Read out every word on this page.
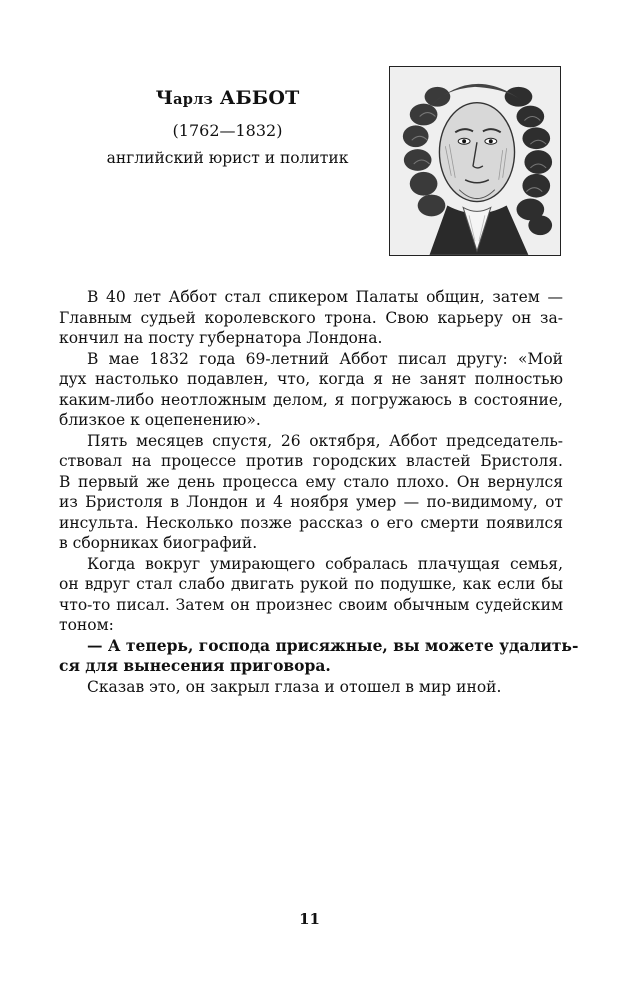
Чарлз АББОТ
(1762—1832)
английский юрист и политик
В 40 лет Аббот стал спикером Палаты общин, затем —
Главным судьей королевского трона. Свою карьеру он за-
кончил на посту губернатора Лондона.
В мае 1832 года 69-летний Аббот писал другу: «Мой
дух настолько подавлен, что, когда я не занят полностью
каким-либо неотложным делом, я погружаюсь в состояние,
близкое к оцепенению».
Пять месяцев спустя, 26 октября, Аббот председатель-
ствовал на процессе против городских властей Бристоля.
В первый же день процесса ему стало плохо. Он вернулся
из Бристоля в Лондон и 4 ноября умер — по-видимому, от
инсульта. Несколько позже рассказ о его смерти появился
в сборниках биографий.
Когда вокруг умирающего собралась плачущая семья,
он вдруг стал слабо двигать рукой по подушке, как если бы
что-то писал. Затем он произнес своим обычным судейским
тоном:
— А теперь, господа присяжные, вы можете удалить-
ся для вынесения приговора.
Сказав это, он закрыл глаза и отошел в мир иной.
11
